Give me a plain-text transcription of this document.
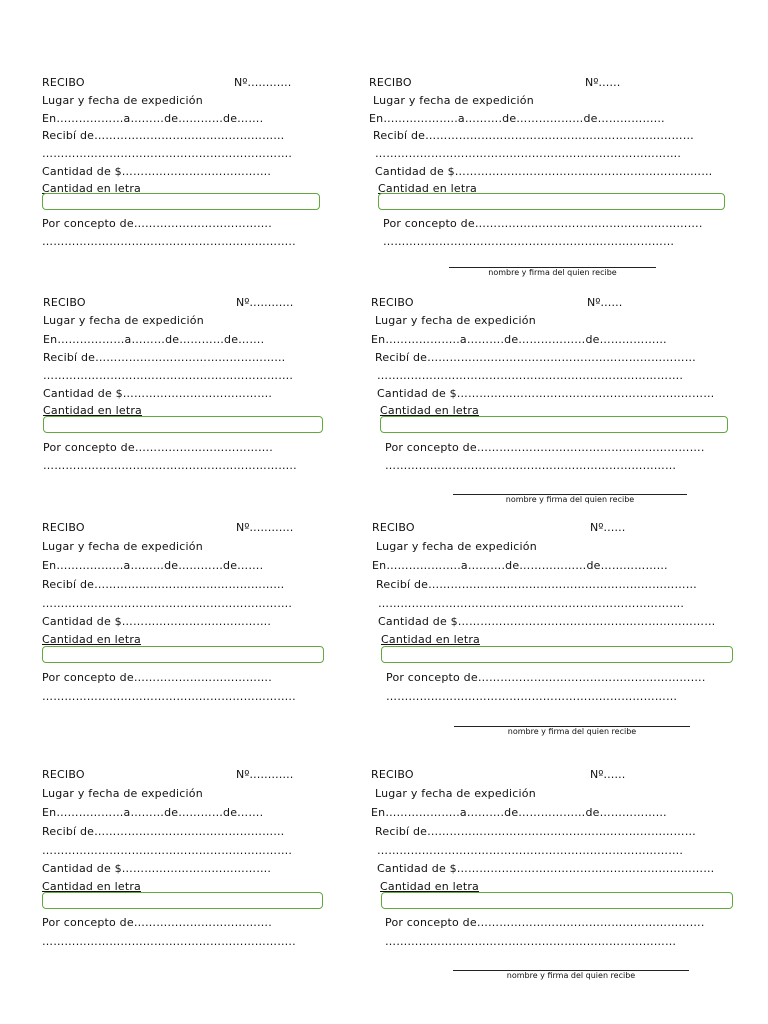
RECIBO	Nº…………
Lugar y fecha de expedición
En………………a………de…………de…….
Recibí de……………………………………………
………………………………………………………….
Cantidad de $………………………………….
Cantidad en letra
Por concepto de……………………………….
…………………………………………………………..
RECIBO	Nº……
Lugar y fecha de expedición
En………………..a……….de………………de………………
Recibí de………………………………………………………………
……………………………………………………………………….
Cantidad de $……………………………………………………………
Cantidad en letra
Por concepto de…………………………………………………….
……………………………………………………………………
nombre y firma del quien recibe
RECIBO	Nº…………
Lugar y fecha de expedición
En………………a………de…………de…….
Recibí de……………………………………………
………………………………………………………….
Cantidad de $………………………………….
Cantidad en letra
Por concepto de……………………………….
…………………………………………………………..
RECIBO	Nº……
Lugar y fecha de expedición
En………………..a……….de………………de………………
Recibí de………………………………………………………………
……………………………………………………………………….
Cantidad de $……………………………………………………………
Cantidad en letra
Por concepto de…………………………………………………….
……………………………………………………………………
nombre y firma del quien recibe
RECIBO	Nº…………
Lugar y fecha de expedición
En………………a………de…………de…….
Recibí de……………………………………………
………………………………………………………….
Cantidad de $………………………………….
Cantidad en letra
Por concepto de……………………………….
…………………………………………………………..
RECIBO	Nº……
Lugar y fecha de expedición
En………………..a……….de………………de………………
Recibí de………………………………………………………………
……………………………………………………………………….
Cantidad de $……………………………………………………………
Cantidad en letra
Por concepto de…………………………………………………….
……………………………………………………………………
nombre y firma del quien recibe
RECIBO	Nº…………
Lugar y fecha de expedición
En………………a………de…………de…….
Recibí de……………………………………………
………………………………………………………….
Cantidad de $………………………………….
Cantidad en letra
Por concepto de……………………………….
…………………………………………………………..
RECIBO	Nº……
Lugar y fecha de expedición
En………………..a……….de………………de………………
Recibí de………………………………………………………………
……………………………………………………………………….
Cantidad de $……………………………………………………………
Cantidad en letra
Por concepto de…………………………………………………….
……………………………………………………………………
nombre y firma del quien recibe
